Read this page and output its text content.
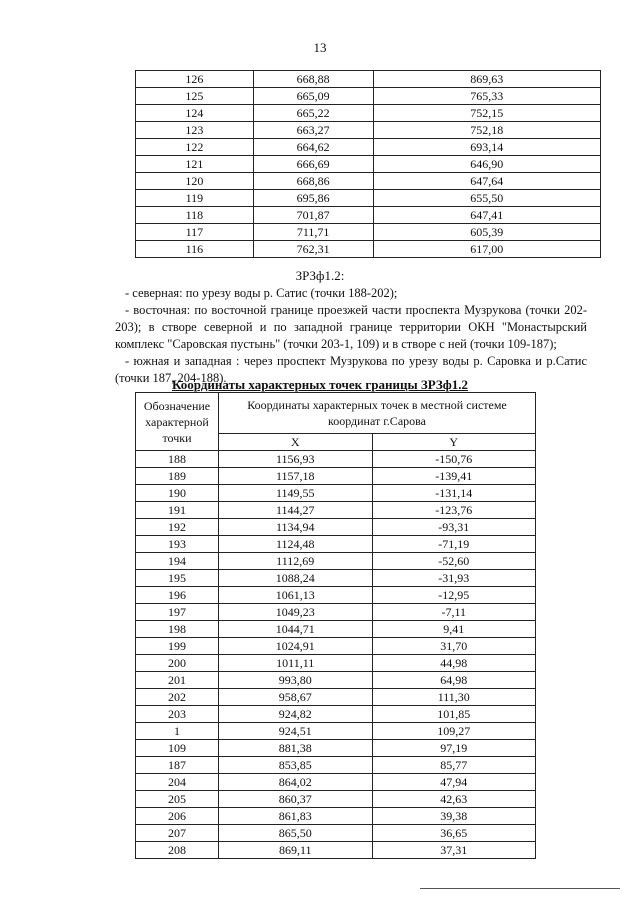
13
126	668,88	869,63
125	665,09	765,33
124	665,22	752,15
123	663,27	752,18
122	664,62	693,14
121	666,69	646,90
120	668,86	647,64
119	695,86	655,50
118	701,87	647,41
117	711,71	605,39
116	762,31	617,00
ЗРЗф1.2:

- северная: по урезу воды р. Сатис (точки 188-202);

- восточная: по восточной границе проезжей части проспекта Музрукова (точки 202-203); в створе северной и по западной границе территории ОКН "Монастырский комплекс "Саровская пустынь" (точки 203-1, 109) и в створе с ней (точки 109-187);

- южная и западная : через проспект Музрукова по урезу воды р. Саровка и р.Сатис (точки 187, 204-188).

Координаты характерных точек границы ЗРЗф1.2
Обозначение характерной точки	Координаты характерных точек в местной системе координат г.Сарова	
	X	Y
188	1156,93	-150,76
189	1157,18	-139,41
190	1149,55	-131,14
191	1144,27	-123,76
192	1134,94	-93,31
193	1124,48	-71,19
194	1112,69	-52,60
195	1088,24	-31,93
196	1061,13	-12,95
197	1049,23	-7,11
198	1044,71	9,41
199	1024,91	31,70
200	1011,11	44,98
201	993,80	64,98
202	958,67	111,30
203	924,82	101,85
1	924,51	109,27
109	881,38	97,19
187	853,85	85,77
204	864,02	47,94
205	860,37	42,63
206	861,83	39,38
207	865,50	36,65
208	869,11	37,31
